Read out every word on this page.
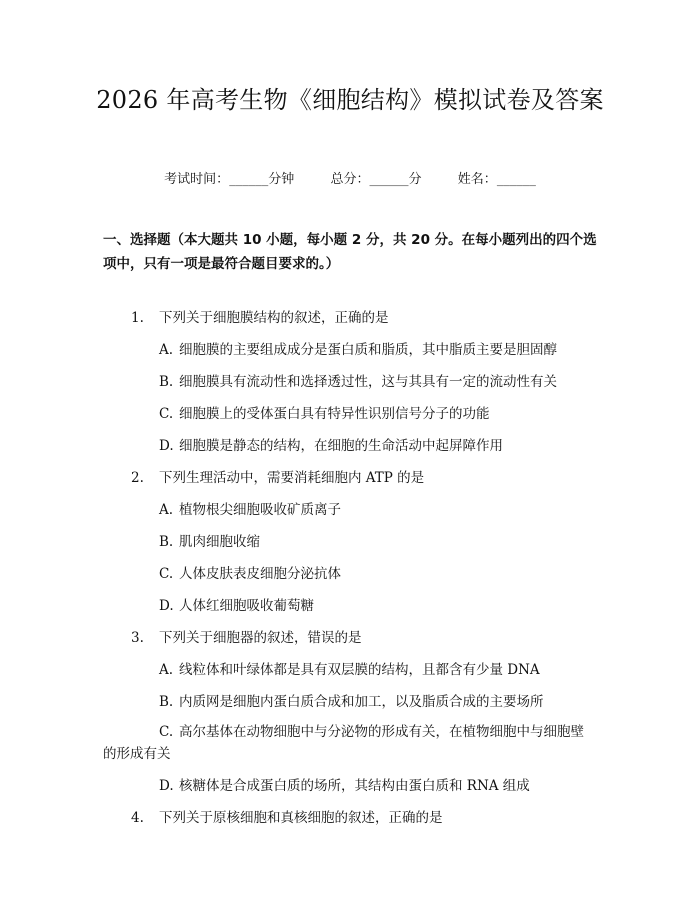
2026 年高考生物《细胞结构》模拟试卷及答案
考试时间：______分钟	总分：______分	姓名：______
一、选择题（本大题共 10 小题，每小题 2 分，共 20 分。在每小题列出的四个选
项中，只有一项是最符合题目要求的。）
1. 下列关于细胞膜结构的叙述，正确的是
A. 细胞膜的主要组成成分是蛋白质和脂质，其中脂质主要是胆固醇
B. 细胞膜具有流动性和选择透过性，这与其具有一定的流动性有关
C. 细胞膜上的受体蛋白具有特异性识别信号分子的功能
D. 细胞膜是静态的结构，在细胞的生命活动中起屏障作用
2. 下列生理活动中，需要消耗细胞内 ATP 的是
A. 植物根尖细胞吸收矿质离子
B. 肌肉细胞收缩
C. 人体皮肤表皮细胞分泌抗体
D. 人体红细胞吸收葡萄糖
3. 下列关于细胞器的叙述，错误的是
A. 线粒体和叶绿体都是具有双层膜的结构，且都含有少量 DNA
B. 内质网是细胞内蛋白质合成和加工，以及脂质合成的主要场所
C. 高尔基体在动物细胞中与分泌物的形成有关，在植物细胞中与细胞壁
的形成有关
D. 核糖体是合成蛋白质的场所，其结构由蛋白质和 RNA 组成
4. 下列关于原核细胞和真核细胞的叙述，正确的是
